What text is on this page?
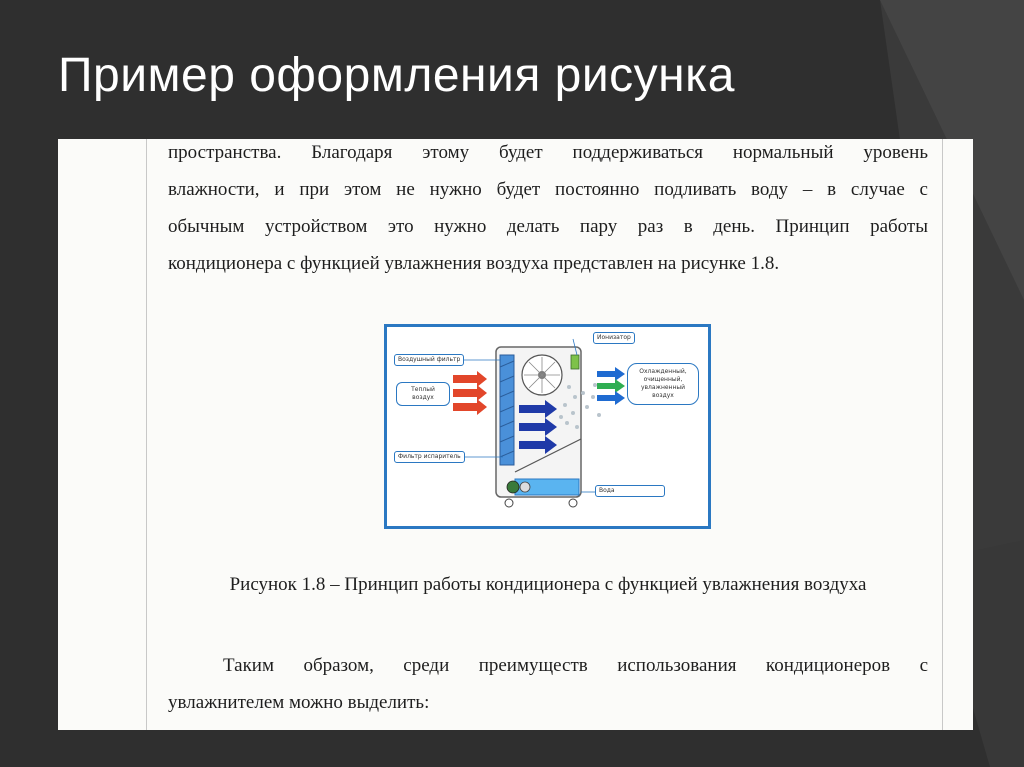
Пример оформления рисунка
пространства. Благодаря этому будет поддерживаться нормальный уровень
влажности, и при этом не нужно будет постоянно подливать воду – в случае с
обычным устройством это нужно делать пару раз в день. Принцип работы
кондиционера с функцией увлажнения воздуха представлен на рисунке 1.8.
Воздушный фильтр
Теплый воздух
Фильтр испаритель
Ионизатор
Охлажденный, очищенный, увлажненный воздух
Вода
Рисунок 1.8 – Принцип работы кондиционера с функцией увлажнения воздуха
Таким образом, среди преимуществ использования кондиционеров с
увлажнителем можно выделить:
